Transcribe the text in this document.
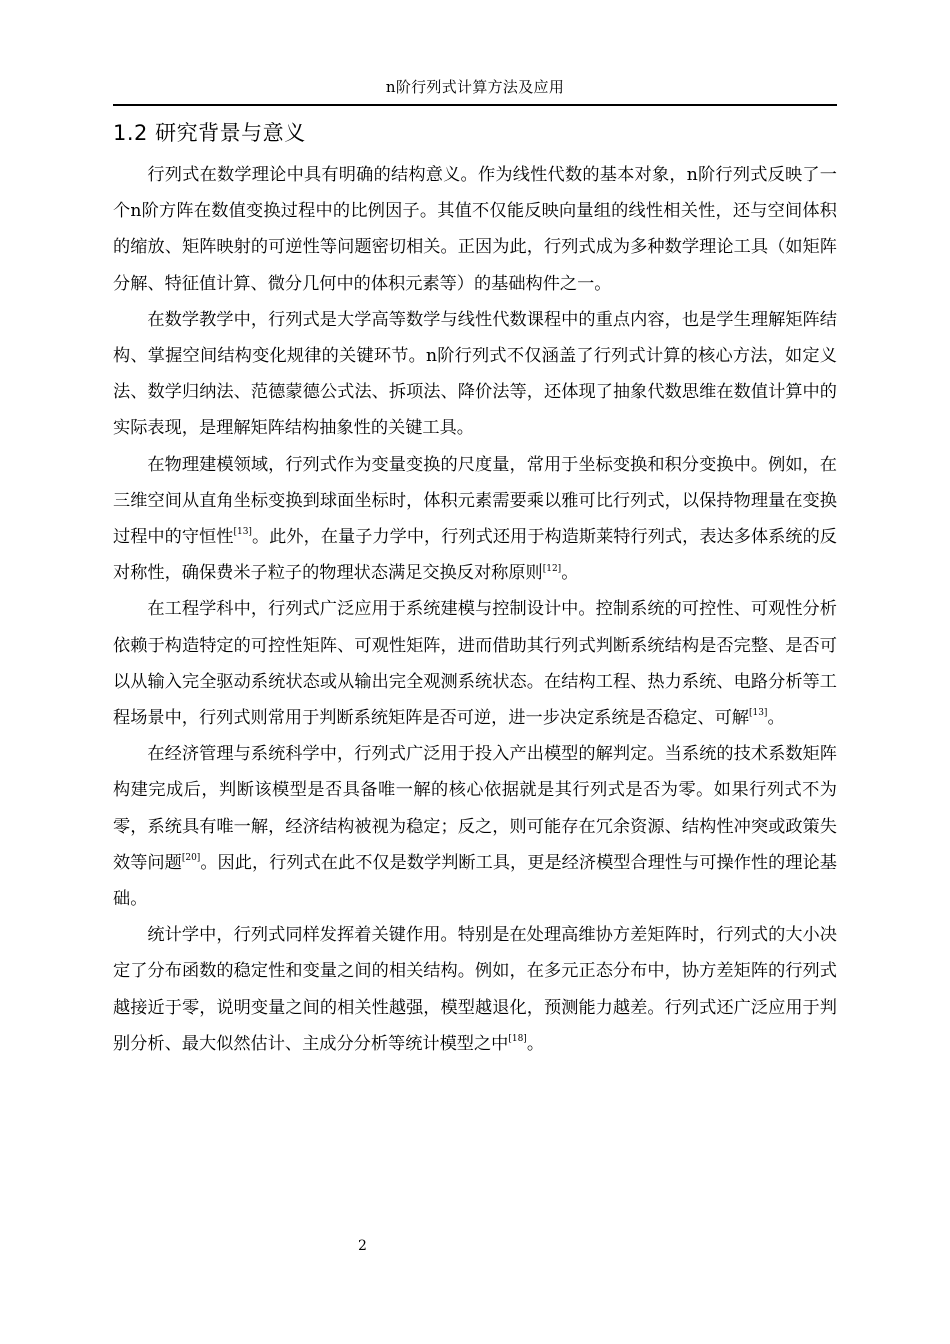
n阶行列式计算方法及应用
1.2 研究背景与意义

行列式在数学理论中具有明确的结构意义。作为线性代数的基本对象，n阶行列式反映了一个n阶方阵在数值变换过程中的比例因子。其值不仅能反映向量组的线性相关性，还与空间体积的缩放、矩阵映射的可逆性等问题密切相关。正因为此，行列式成为多种数学理论工具（如矩阵分解、特征值计算、微分几何中的体积元素等）的基础构件之一。

在数学教学中，行列式是大学高等数学与线性代数课程中的重点内容，也是学生理解矩阵结构、掌握空间结构变化规律的关键环节。n阶行列式不仅涵盖了行列式计算的核心方法，如定义法、数学归纳法、范德蒙德公式法、拆项法、降价法等，还体现了抽象代数思维在数值计算中的实际表现，是理解矩阵结构抽象性的关键工具。

在物理建模领域，行列式作为变量变换的尺度量，常用于坐标变换和积分变换中。例如，在三维空间从直角坐标变换到球面坐标时，体积元素需要乘以雅可比行列式，以保持物理量在变换过程中的守恒性[13]。此外，在量子力学中，行列式还用于构造斯莱特行列式，表达多体系统的反对称性，确保费米子粒子的物理状态满足交换反对称原则[12]。

在工程学科中，行列式广泛应用于系统建模与控制设计中。控制系统的可控性、可观性分析依赖于构造特定的可控性矩阵、可观性矩阵，进而借助其行列式判断系统结构是否完整、是否可以从输入完全驱动系统状态或从输出完全观测系统状态。在结构工程、热力系统、电路分析等工程场景中，行列式则常用于判断系统矩阵是否可逆，进一步决定系统是否稳定、可解[13]。

在经济管理与系统科学中，行列式广泛用于投入产出模型的解判定。当系统的技术系数矩阵构建完成后，判断该模型是否具备唯一解的核心依据就是其行列式是否为零。如果行列式不为零，系统具有唯一解，经济结构被视为稳定；反之，则可能存在冗余资源、结构性冲突或政策失效等问题[20]。因此，行列式在此不仅是数学判断工具，更是经济模型合理性与可操作性的理论基础。

统计学中，行列式同样发挥着关键作用。特别是在处理高维协方差矩阵时，行列式的大小决定了分布函数的稳定性和变量之间的相关结构。例如，在多元正态分布中，协方差矩阵的行列式越接近于零，说明变量之间的相关性越强，模型越退化，预测能力越差。行列式还广泛应用于判别分析、最大似然估计、主成分分析等统计模型之中[18]。

2
